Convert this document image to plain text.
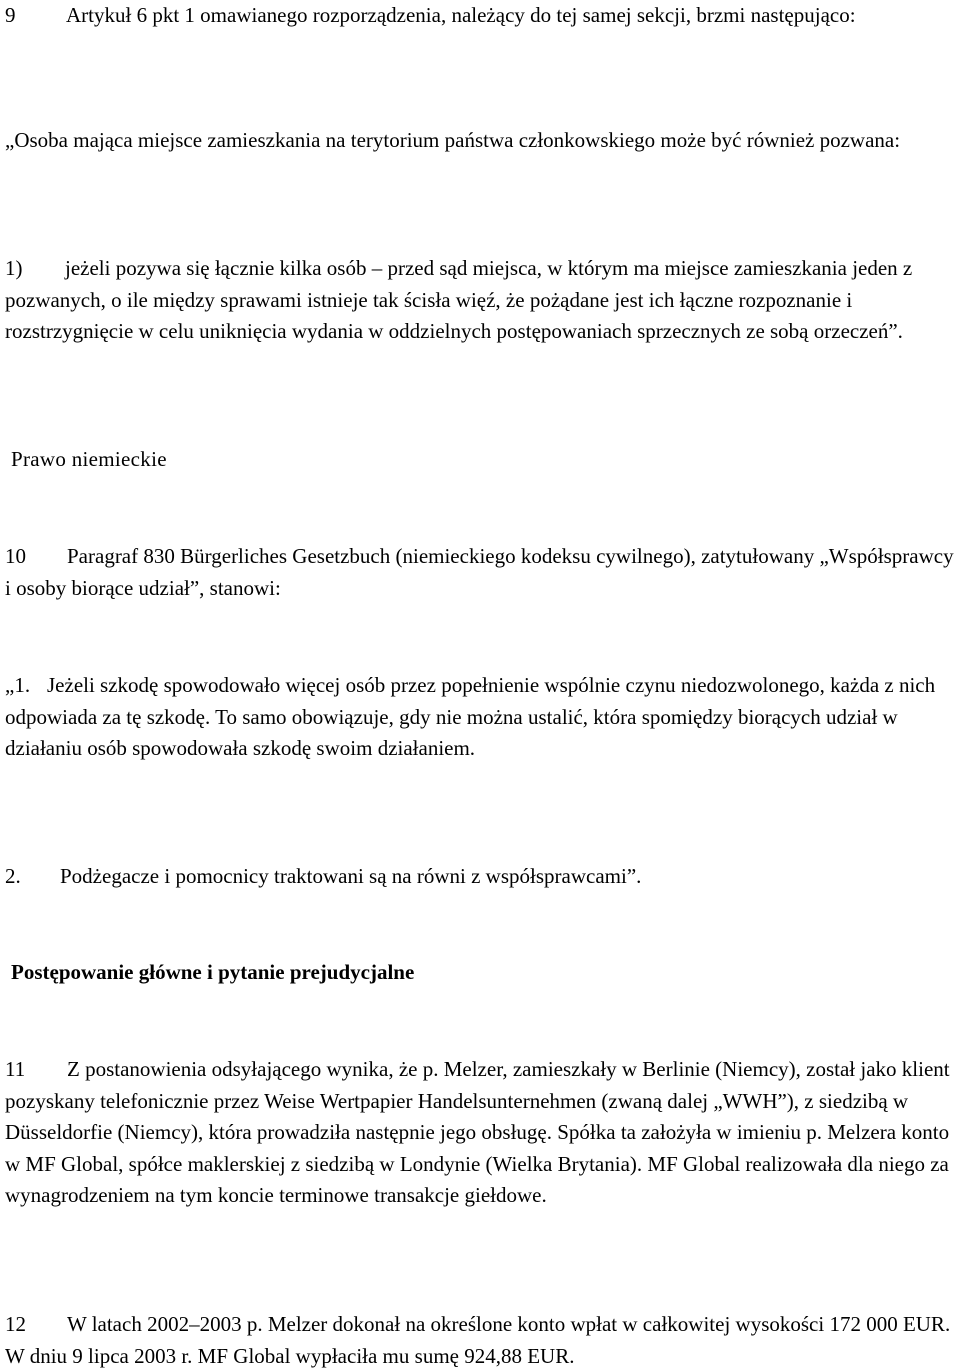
9 Artykuł 6 pkt 1 omawianego rozporządzenia, należący do tej samej sekcji, brzmi następująco:

„Osoba mająca miejsce zamieszkania na terytorium państwa członkowskiego może być również pozwana:

1) jeżeli pozywa się łącznie kilka osób – przed sąd miejsca, w którym ma miejsce zamieszkania jeden z pozwanych, o ile między sprawami istnieje tak ścisła więź, że pożądane jest ich łączne rozpoznanie i rozstrzygnięcie w celu uniknięcia wydania w oddzielnych postępowaniach sprzecznych ze sobą orzeczeń”.

Prawo niemieckie

10 Paragraf 830 Bürgerliches Gesetzbuch (niemieckiego kodeksu cywilnego), zatytułowany „Współsprawcy i osoby biorące udział”, stanowi:

„1. Jeżeli szkodę spowodowało więcej osób przez popełnienie wspólnie czynu niedozwolonego, każda z nich odpowiada za tę szkodę. To samo obowiązuje, gdy nie można ustalić, która spomiędzy biorących udział w działaniu osób spowodowała szkodę swoim działaniem.

2. Podżegacze i pomocnicy traktowani są na równi z współsprawcami”.

Postępowanie główne i pytanie prejudycjalne

11 Z postanowienia odsyłającego wynika, że p. Melzer, zamieszkały w Berlinie (Niemcy), został jako klient pozyskany telefonicznie przez Weise Wertpapier Handelsunternehmen (zwaną dalej „WWH”), z siedzibą w Düsseldorfie (Niemcy), która prowadziła następnie jego obsługę. Spółka ta założyła w imieniu p. Melzera konto w MF Global, spółce maklerskiej z siedzibą w Londynie (Wielka Brytania). MF Global realizowała dla niego za wynagrodzeniem na tym koncie terminowe transakcje giełdowe.

12 W latach 2002–2003 p. Melzer dokonał na określone konto wpłat w całkowitej wysokości 172 000 EUR. W dniu 9 lipca 2003 r. MF Global wypłaciła mu sumę 924,88 EUR.
